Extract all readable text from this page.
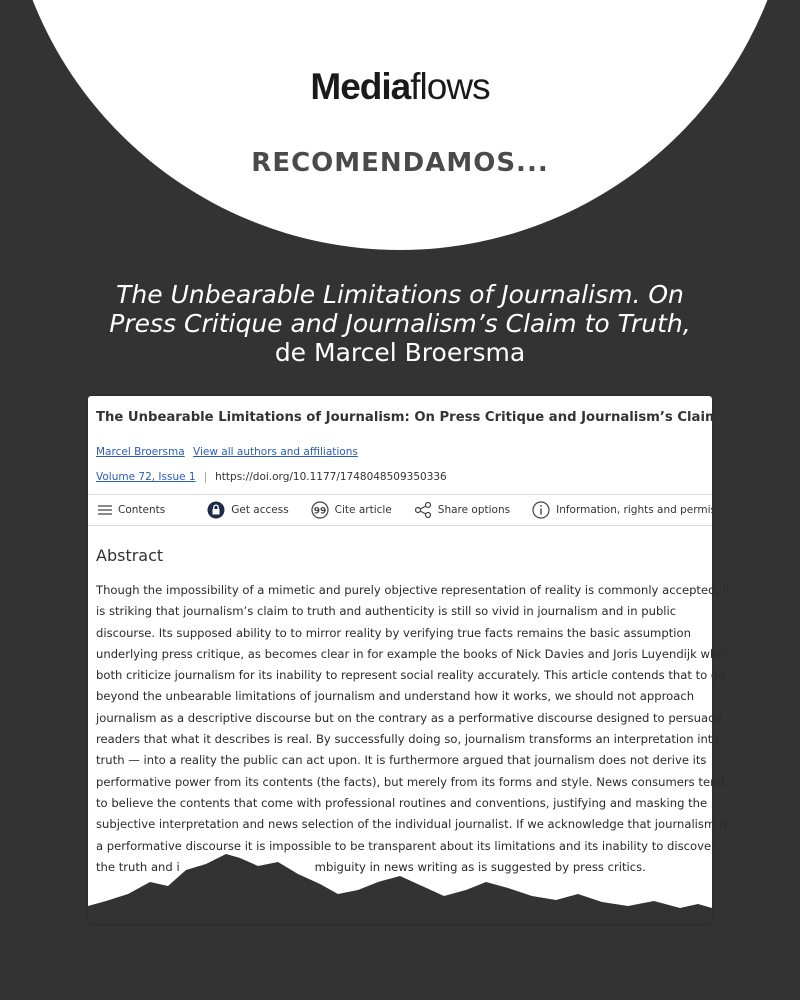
Mediaflows
RECOMENDAMOS...
The Unbearable Limitations of Journalism. On
Press Critique and Journalism’s Claim to Truth,
de Marcel Broersma
The Unbearable Limitations of Journalism: On Press Critique and Journalism’s Claim to Truth
Marcel Broersma View all authors and affiliations
Volume 72, Issue 1 | https://doi.org/10.1177/1748048509350336
Contents	Get access	99 Cite article	Share options	Information, rights and permissions
Abstract
Though the impossibility of a mimetic and purely objective representation of reality is commonly accepted, it
is striking that journalism’s claim to truth and authenticity is still so vivid in journalism and in public
discourse. Its supposed ability to to mirror reality by verifying true facts remains the basic assumption
underlying press critique, as becomes clear in for example the books of Nick Davies and Joris Luyendijk who
both criticize journalism for its inability to represent social reality accurately. This article contends that to go
beyond the unbearable limitations of journalism and understand how it works, we should not approach
journalism as a descriptive discourse but on the contrary as a performative discourse designed to persuade
readers that what it describes is real. By successfully doing so, journalism transforms an interpretation into
truth — into a reality the public can act upon. It is furthermore argued that journalism does not derive its
performative power from its contents (the facts), but merely from its forms and style. News consumers tend
to believe the contents that come with professional routines and conventions, justifying and masking the
subjective interpretation and news selection of the individual journalist. If we acknowledge that journalism is
a performative discourse it is impossible to be transparent about its limitations and its inability to discover
the truth and i	mbiguity in news writing as is suggested by press critics.
